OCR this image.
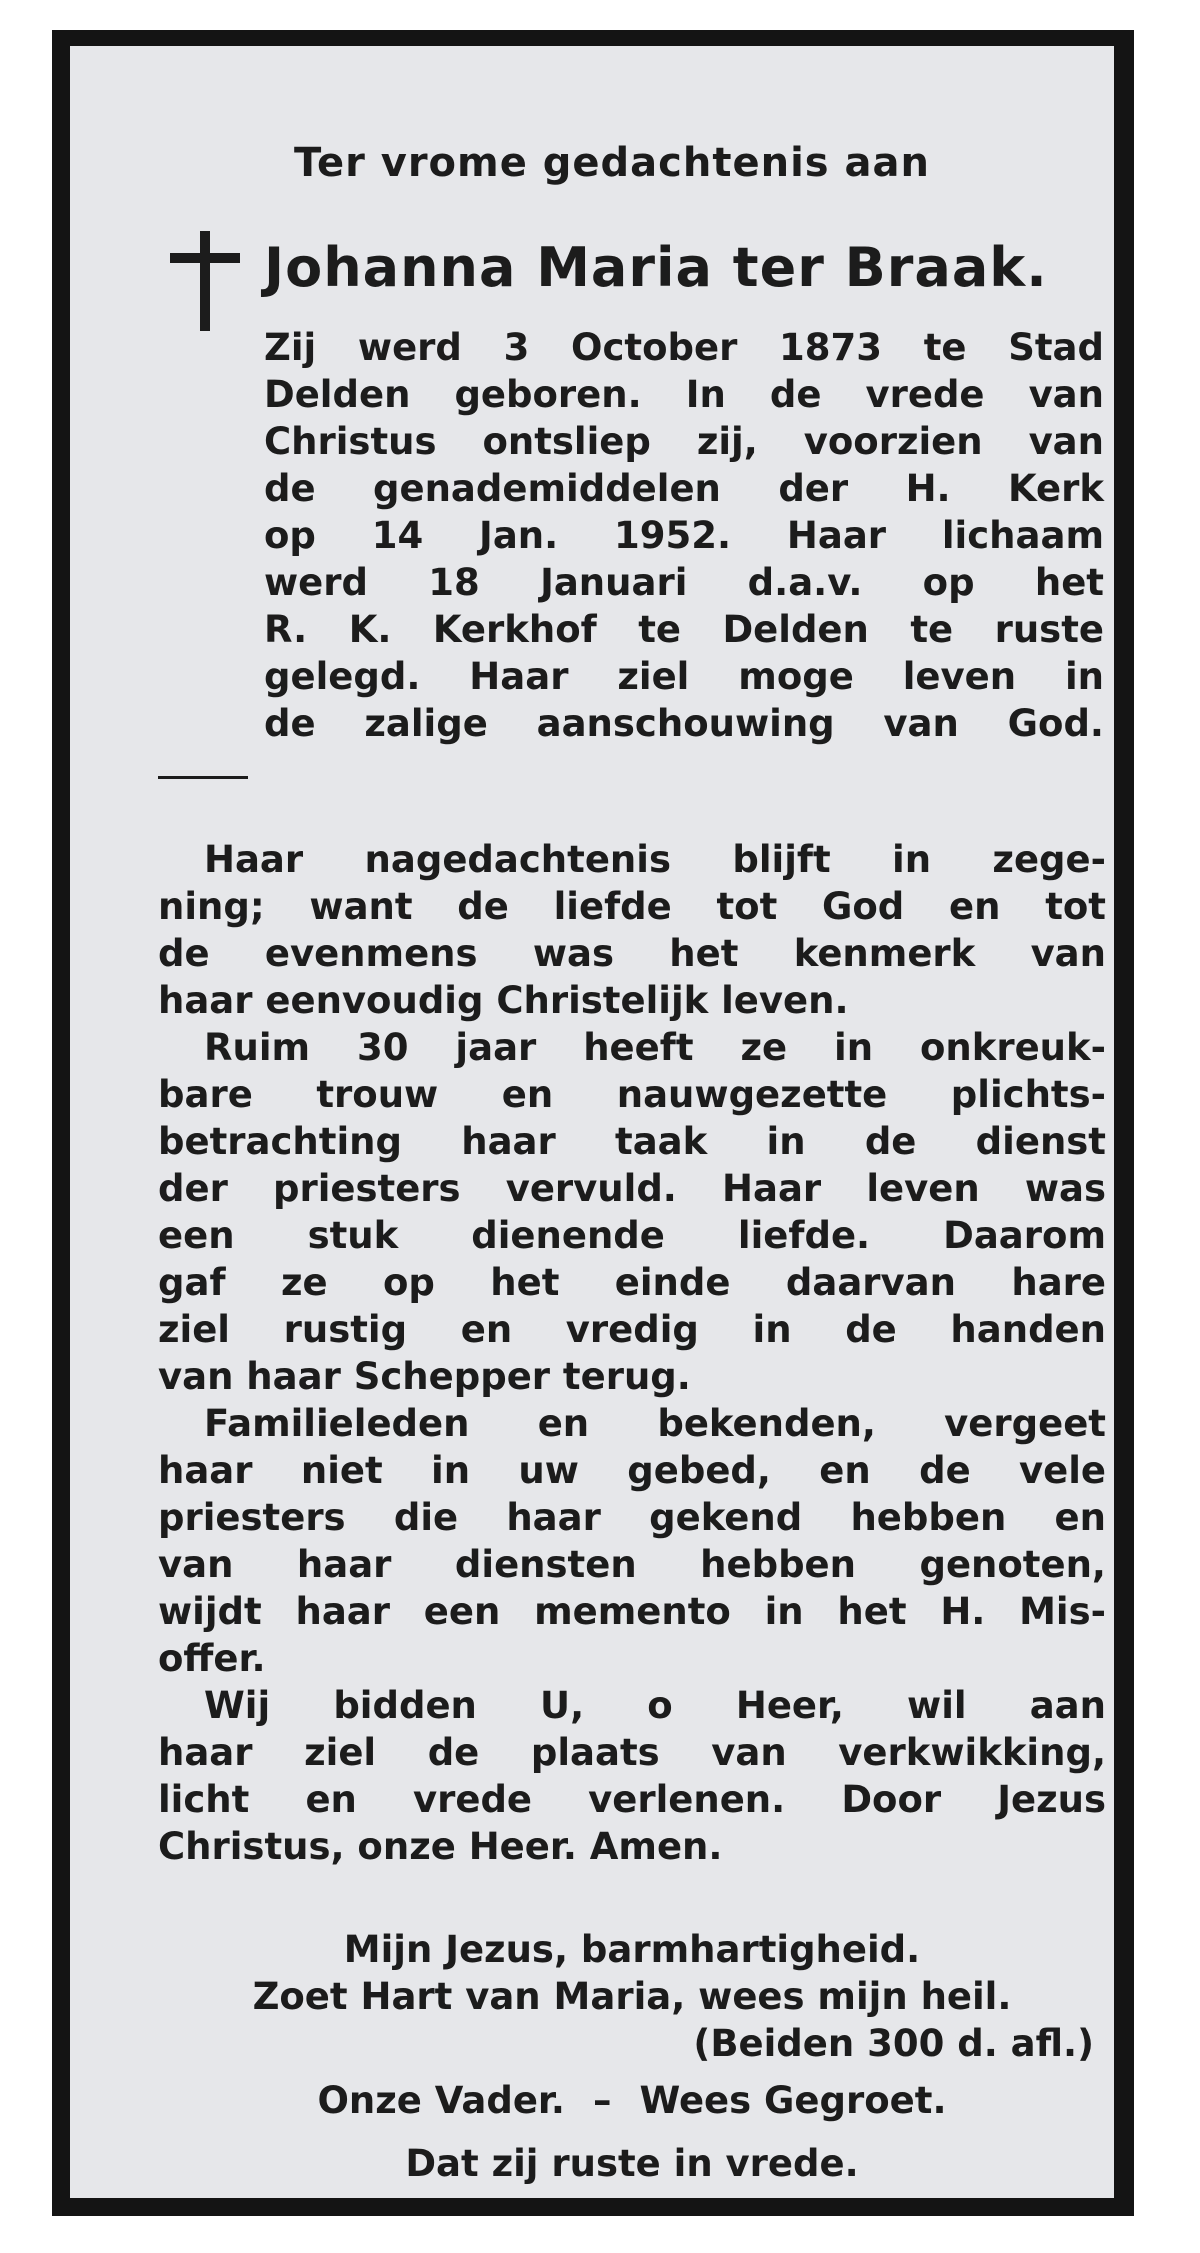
Ter vrome gedachtenis aan
Johanna Maria ter Braak.
Zij werd 3 October 1873 te Stad
Delden geboren. In de vrede van
Christus ontsliep zij, voorzien van
de genademiddelen der H. Kerk
op 14 Jan. 1952. Haar lichaam
werd 18 Januari d.a.v. op het
R. K. Kerkhof te Delden te ruste
gelegd. Haar ziel moge leven in
de zalige aanschouwing van God.
Haar nagedachtenis blijft in zege-
ning; want de liefde tot God en tot
de evenmens was het kenmerk van
haar eenvoudig Christelijk leven.
Ruim 30 jaar heeft ze in onkreuk-
bare trouw en nauwgezette plichts-
betrachting haar taak in de dienst
der priesters vervuld. Haar leven was
een stuk dienende liefde. Daarom
gaf ze op het einde daarvan hare
ziel rustig en vredig in de handen
van haar Schepper terug.
Familieleden en bekenden, vergeet
haar niet in uw gebed, en de vele
priesters die haar gekend hebben en
van haar diensten hebben genoten,
wijdt haar een memento in het H. Mis-
offer.
Wij bidden U, o Heer, wil aan
haar ziel de plaats van verkwikking,
licht en vrede verlenen. Door Jezus
Christus, onze Heer. Amen.
Mijn Jezus, barmhartigheid.
Zoet Hart van Maria, wees mijn heil.
(Beiden 300 d. afl.)
Onze Vader. – Wees Gegroet.
Dat zij ruste in vrede.
